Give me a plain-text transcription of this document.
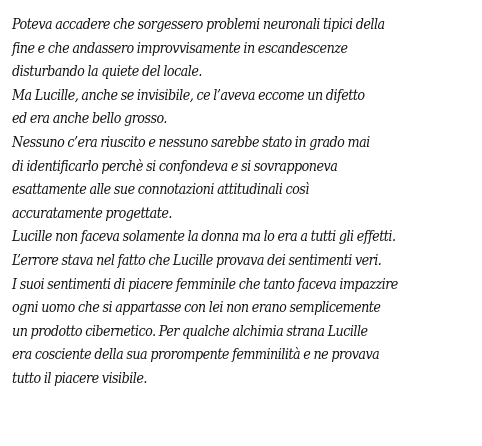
Poteva accadere che sorgessero problemi neuronali tipici della
fine e che andassero improvvisamente in escandescenze
disturbando la quiete del locale.
Ma Lucille, anche se invisibile, ce l’aveva eccome un difetto
ed era anche bello grosso.
Nessuno c’era riuscito e nessuno sarebbe stato in grado mai
di identificarlo perchè si confondeva e si sovrapponeva
esattamente alle sue connotazioni attitudinali così
accuratamente progettate.
Lucille non faceva solamente la donna ma lo era a tutti gli effetti.
L’errore stava nel fatto che Lucille provava dei sentimenti veri.
I suoi sentimenti di piacere femminile che tanto faceva impazzire
ogni uomo che si appartasse con lei non erano semplicemente
un prodotto cibernetico. Per qualche alchimia strana Lucille
era cosciente della sua prorompente femminilità e ne provava
tutto il piacere visibile.
